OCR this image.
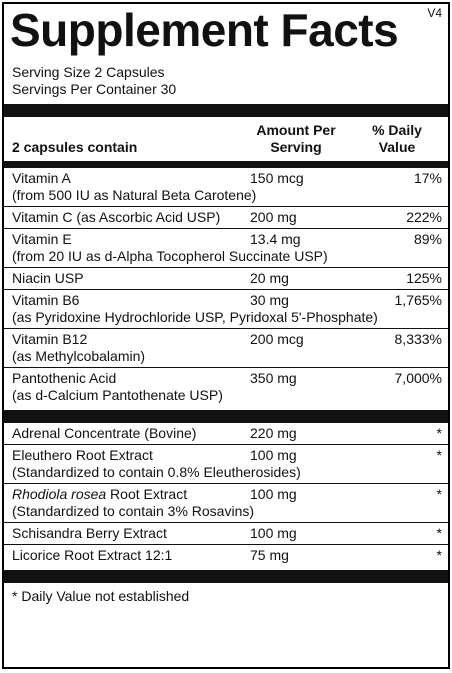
V4
Supplement Facts
Serving Size 2 Capsules
Servings Per Container 30
2 capsules contain
Amount Per
Serving
% Daily
Value
Vitamin A	150 mcg	17%
(from 500 IU as Natural Beta Carotene)
Vitamin C (as Ascorbic Acid USP)	200 mg	222%
Vitamin E	13.4 mg	89%
(from 20 IU as d-Alpha Tocopherol Succinate USP)
Niacin USP	20 mg	125%
Vitamin B6	30 mg	1,765%
(as Pyridoxine Hydrochloride USP, Pyridoxal 5'-Phosphate)
Vitamin B12	200 mcg	8,333%
(as Methylcobalamin)
Pantothenic Acid	350 mg	7,000%
(as d-Calcium Pantothenate USP)
Adrenal Concentrate (Bovine)	220 mg	*
Eleuthero Root Extract	100 mg	*
(Standardized to contain 0.8% Eleutherosides)
Rhodiola rosea Root Extract	100 mg	*
(Standardized to contain 3% Rosavins)
Schisandra Berry Extract	100 mg	*
Licorice Root Extract 12:1	75 mg	*
* Daily Value not established
